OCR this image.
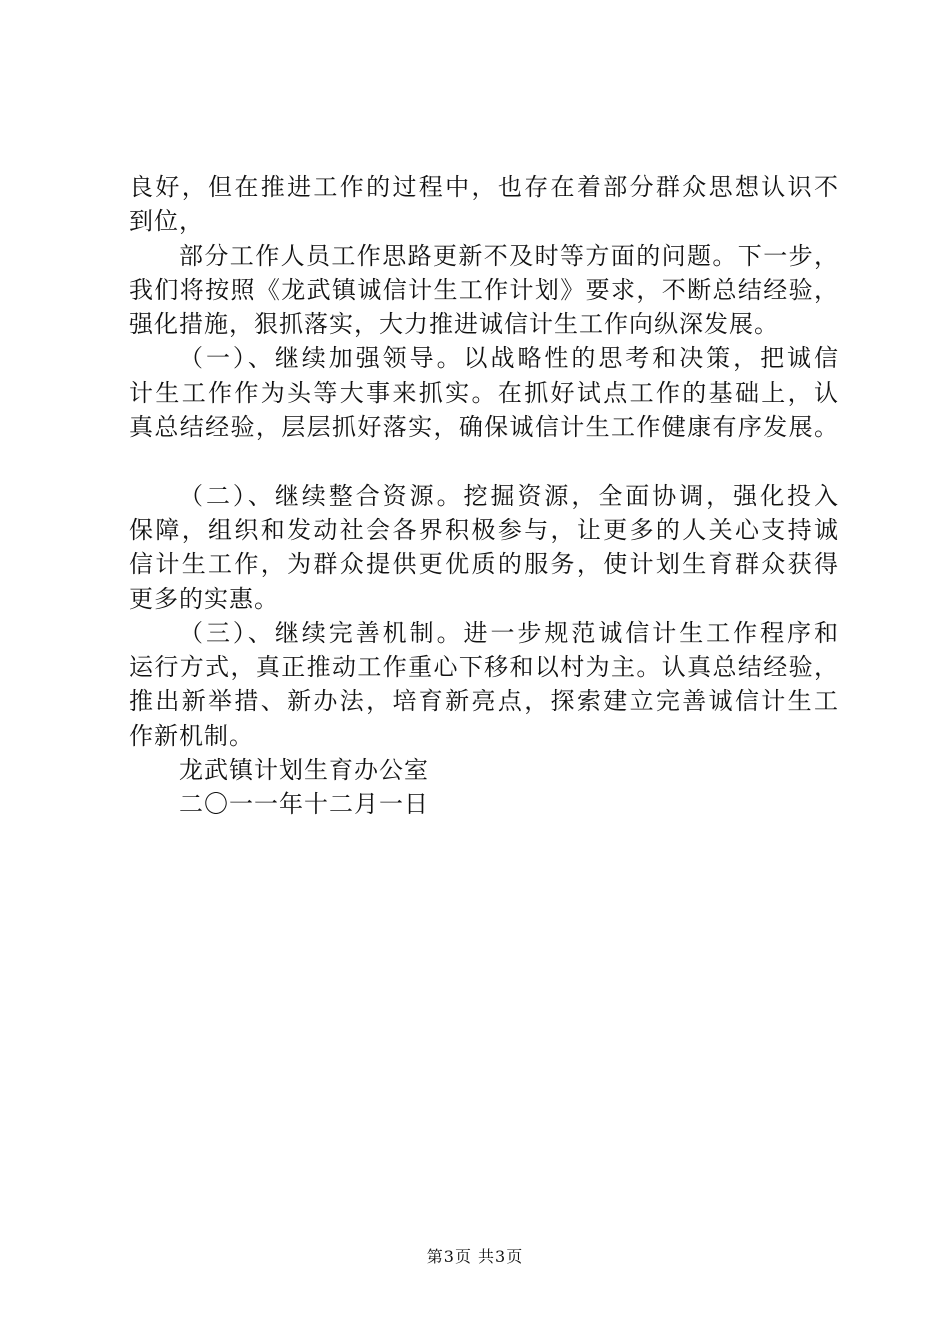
良好，但在推进工作的过程中，也存在着部分群众思想认识不
到位，
部分工作人员工作思路更新不及时等方面的问题。下一步，
我们将按照《龙武镇诚信计生工作计划》要求，不断总结经验，
强化措施，狠抓落实，大力推进诚信计生工作向纵深发展。
（一）、继续加强领导。以战略性的思考和决策，把诚信
计生工作作为头等大事来抓实。在抓好试点工作的基础上，认
真总结经验，层层抓好落实，确保诚信计生工作健康有序发展。
（二）、继续整合资源。挖掘资源，全面协调，强化投入
保障，组织和发动社会各界积极参与，让更多的人关心支持诚
信计生工作，为群众提供更优质的服务，使计划生育群众获得
更多的实惠。
（三）、继续完善机制。进一步规范诚信计生工作程序和
运行方式，真正推动工作重心下移和以村为主。认真总结经验，
推出新举措、新办法，培育新亮点，探索建立完善诚信计生工
作新机制。
龙武镇计划生育办公室
二〇一一年十二月一日
第3页 共3页
